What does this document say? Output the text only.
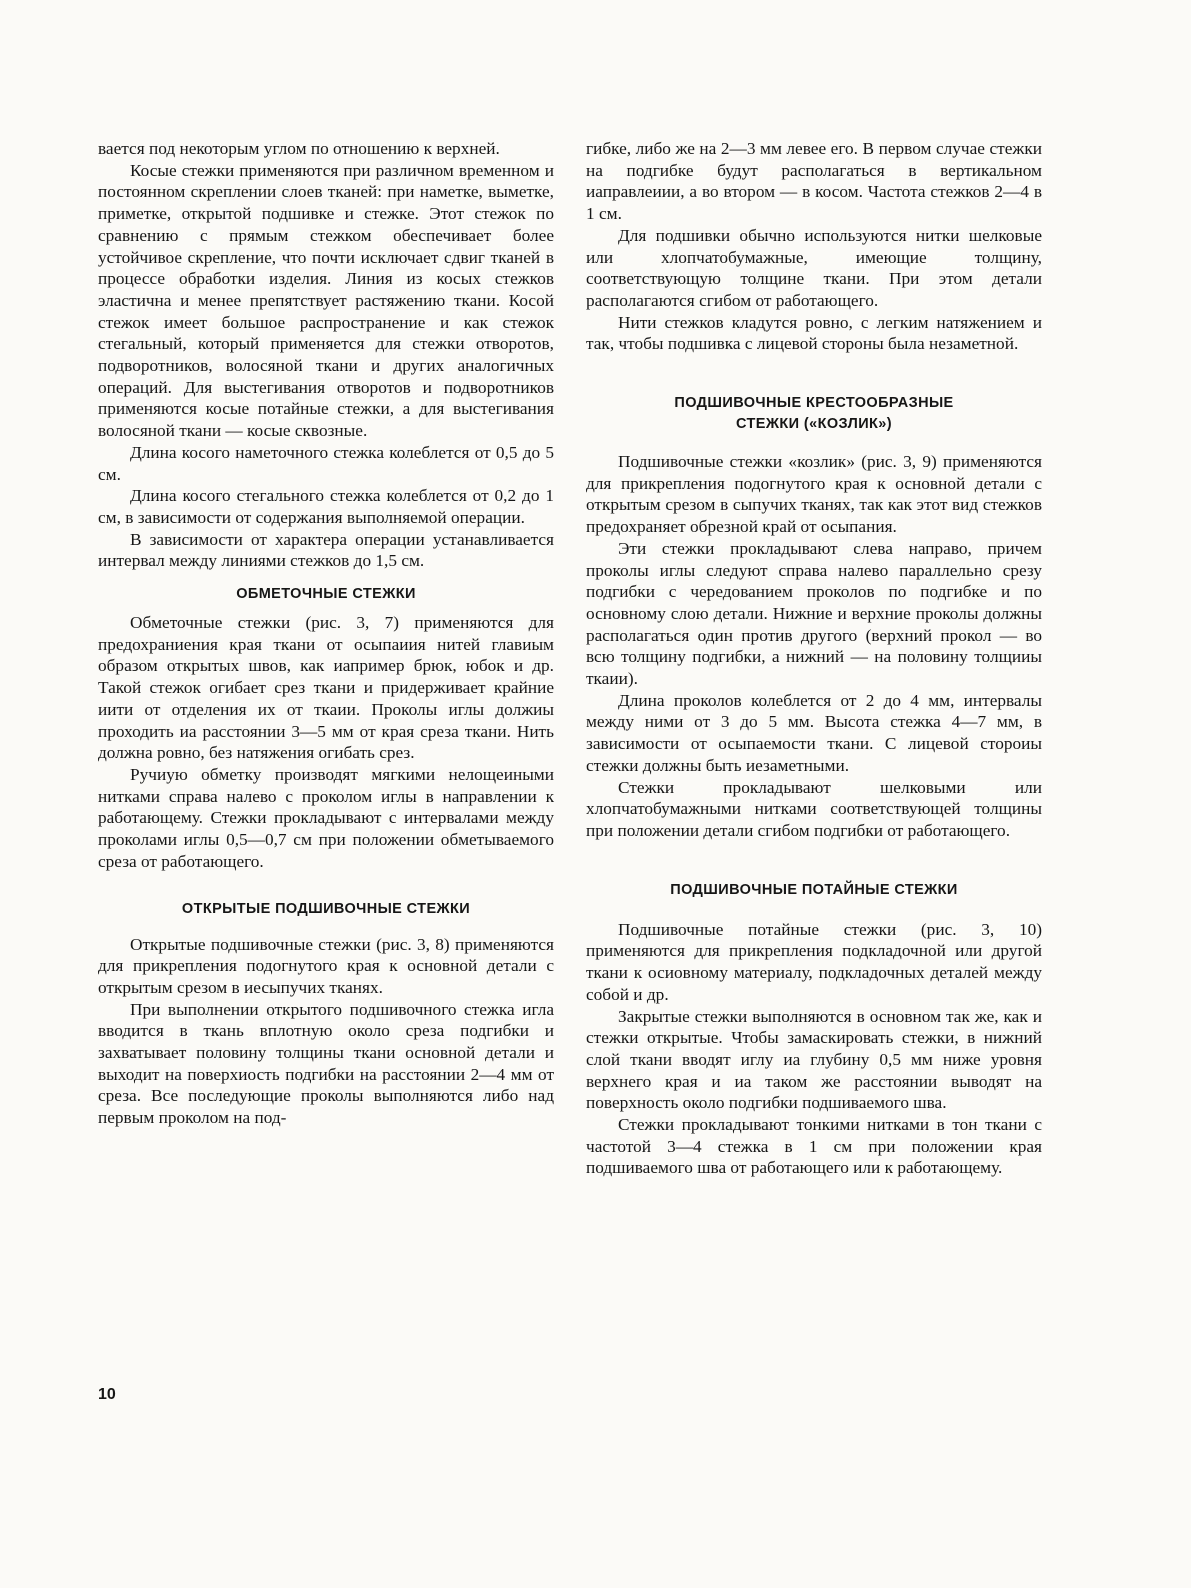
вается под некоторым углом по отношению к верхней.

Косые стежки применяются при различном временном и постоянном скреплении слоев тканей: при наметке, выметке, приметке, открытой подшивке и стежке. Этот стежок по сравнению с прямым стежком обеспечивает более устойчивое скрепление, что почти исключает сдвиг тканей в процессе обработки изделия. Линия из косых стежков эластична и менее препятствует растяжению ткани. Косой стежок имеет большое распространение и как стежок стегальный, который применяется для стежки отворотов, подворотников, волосяной ткани и других аналогичных операций. Для выстегивания отворотов и подворотников применяются косые потайные стежки, а для выстегивания волосяной ткани — косые сквозные.

Длина косого наметочного стежка колеблется от 0,5 до 5 см.

Длина косого стегального стежка колеблется от 0,2 до 1 см, в зависимости от содержания выполняемой операции.

В зависимости от характера операции устанавливается интервал между линиями стежков до 1,5 см.

ОБМЕТОЧНЫЕ СТЕЖКИ

Обметочные стежки (рис. 3, 7) применяются для предохраниения края ткани от осыпаиия нитей главиым образом открытых швов, как иапример брюк, юбок и др. Такой стежок огибает срез ткани и придерживает крайние иити от отделения их от ткаии. Проколы иглы должиы проходить иа расстоянии 3—5 мм от края среза ткани. Нить должна ровно, без натяжения огибать срез.

Ручиую обметку производят мягкими нелощеиными нитками справа налево с проколом иглы в направлении к работающему. Стежки прокладывают с интервалами между проколами иглы 0,5—0,7 см при положении обметываемого среза от работающего.

ОТКРЫТЫЕ ПОДШИВОЧНЫЕ СТЕЖКИ

Открытые подшивочные стежки (рис. 3, 8) применяются для прикрепления подогнутого края к основной детали с открытым срезом в иесыпучих тканях.

При выполнении открытого подшивочного стежка игла вводится в ткань вплотную около среза подгибки и захватывает половину толщины ткани основной детали и выходит на поверхиость подгибки на расстоянии 2—4 мм от среза. Все последующие проколы выполняются либо над первым проколом на под-

гибке, либо же на 2—3 мм левее его. В первом случае стежки на подгибке будут располагаться в вертикальном иаправлеиии, а во втором — в косом. Частота стежков 2—4 в 1 см.

Для подшивки обычно используются нитки шелковые или хлопчатобумажные, имеющие толщину, соответствующую толщине ткани. При этом детали располагаются сгибом от работающего.

Нити стежков кладутся ровно, с легким натяжением и так, чтобы подшивка с лицевой стороны была незаметной.

ПОДШИВОЧНЫЕ КРЕСТООБРАЗНЫЕ
СТЕЖКИ («КОЗЛИК»)

Подшивочные стежки «козлик» (рис. 3, 9) применяются для прикрепления подогнутого края к основной детали с открытым срезом в сыпучих тканях, так как этот вид стежков предохраняет обрезной край от осыпания.

Эти стежки прокладывают слева направо, причем проколы иглы следуют справа налево параллельно срезу подгибки с чередованием проколов по подгибке и по основному слою детали. Нижние и верхние проколы должны располагаться один против другого (верхний прокол — во всю толщину подгибки, а нижний — на половину толщииы ткаии).

Длина проколов колеблется от 2 до 4 мм, интервалы между ними от 3 до 5 мм. Высота стежка 4—7 мм, в зависимости от осыпаемости ткани. С лицевой стороиы стежки должны быть иезаметными.

Стежки прокладывают шелковыми или хлопчатобумажными нитками соответствующей толщины при положении детали сгибом подгибки от работающего.

ПОДШИВОЧНЫЕ ПОТАЙНЫЕ СТЕЖКИ

Подшивочные потайные стежки (рис. 3, 10) применяются для прикрепления подкладочной или другой ткани к осиовному материалу, подкладочных деталей между собой и др.

Закрытые стежки выполняются в основном так же, как и стежки открытые. Чтобы замаскировать стежки, в нижний слой ткани вводят иглу иа глубину 0,5 мм ниже уровня верхнего края и иа таком же расстоянии выводят на поверхность около подгибки подшиваемого шва.

Стежки прокладывают тонкими нитками в тон ткани с частотой 3—4 стежка в 1 см при положении края подшиваемого шва от работающего или к работающему.

10
